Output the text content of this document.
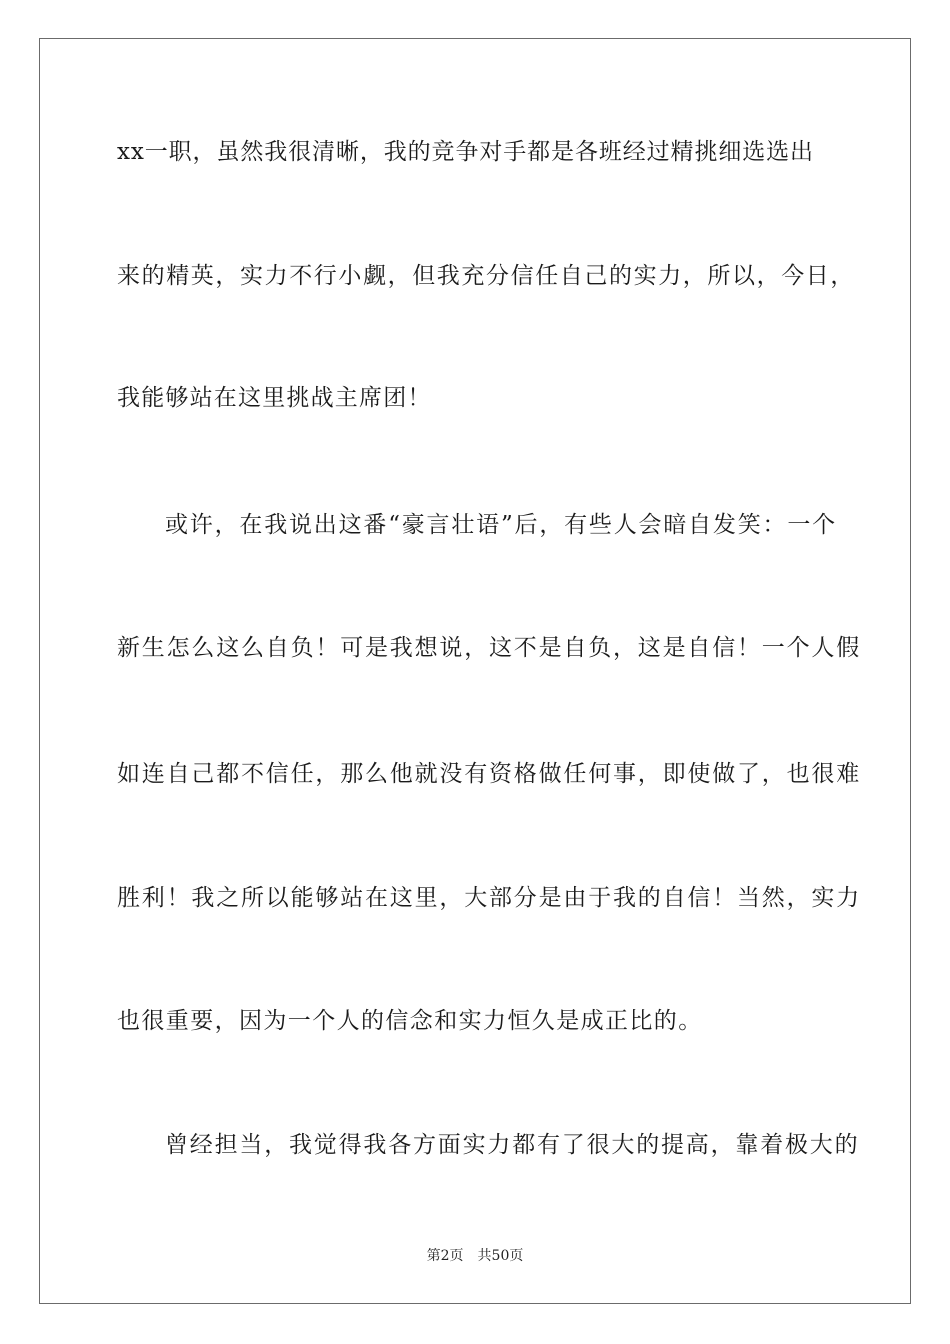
xx一职，虽然我很清晰，我的竞争对手都是各班经过精挑细选选出
来的精英，实力不行小觑，但我充分信任自己的实力，所以，今日，
我能够站在这里挑战主席团！
或许，在我说出这番“豪言壮语”后，有些人会暗自发笑：一个
新生怎么这么自负！可是我想说，这不是自负，这是自信！一个人假
如连自己都不信任，那么他就没有资格做任何事，即使做了，也很难
胜利！我之所以能够站在这里，大部分是由于我的自信！当然，实力
也很重要，因为一个人的信念和实力恒久是成正比的。
曾经担当，我觉得我各方面实力都有了很大的提高，靠着极大的
第2页 共50页
